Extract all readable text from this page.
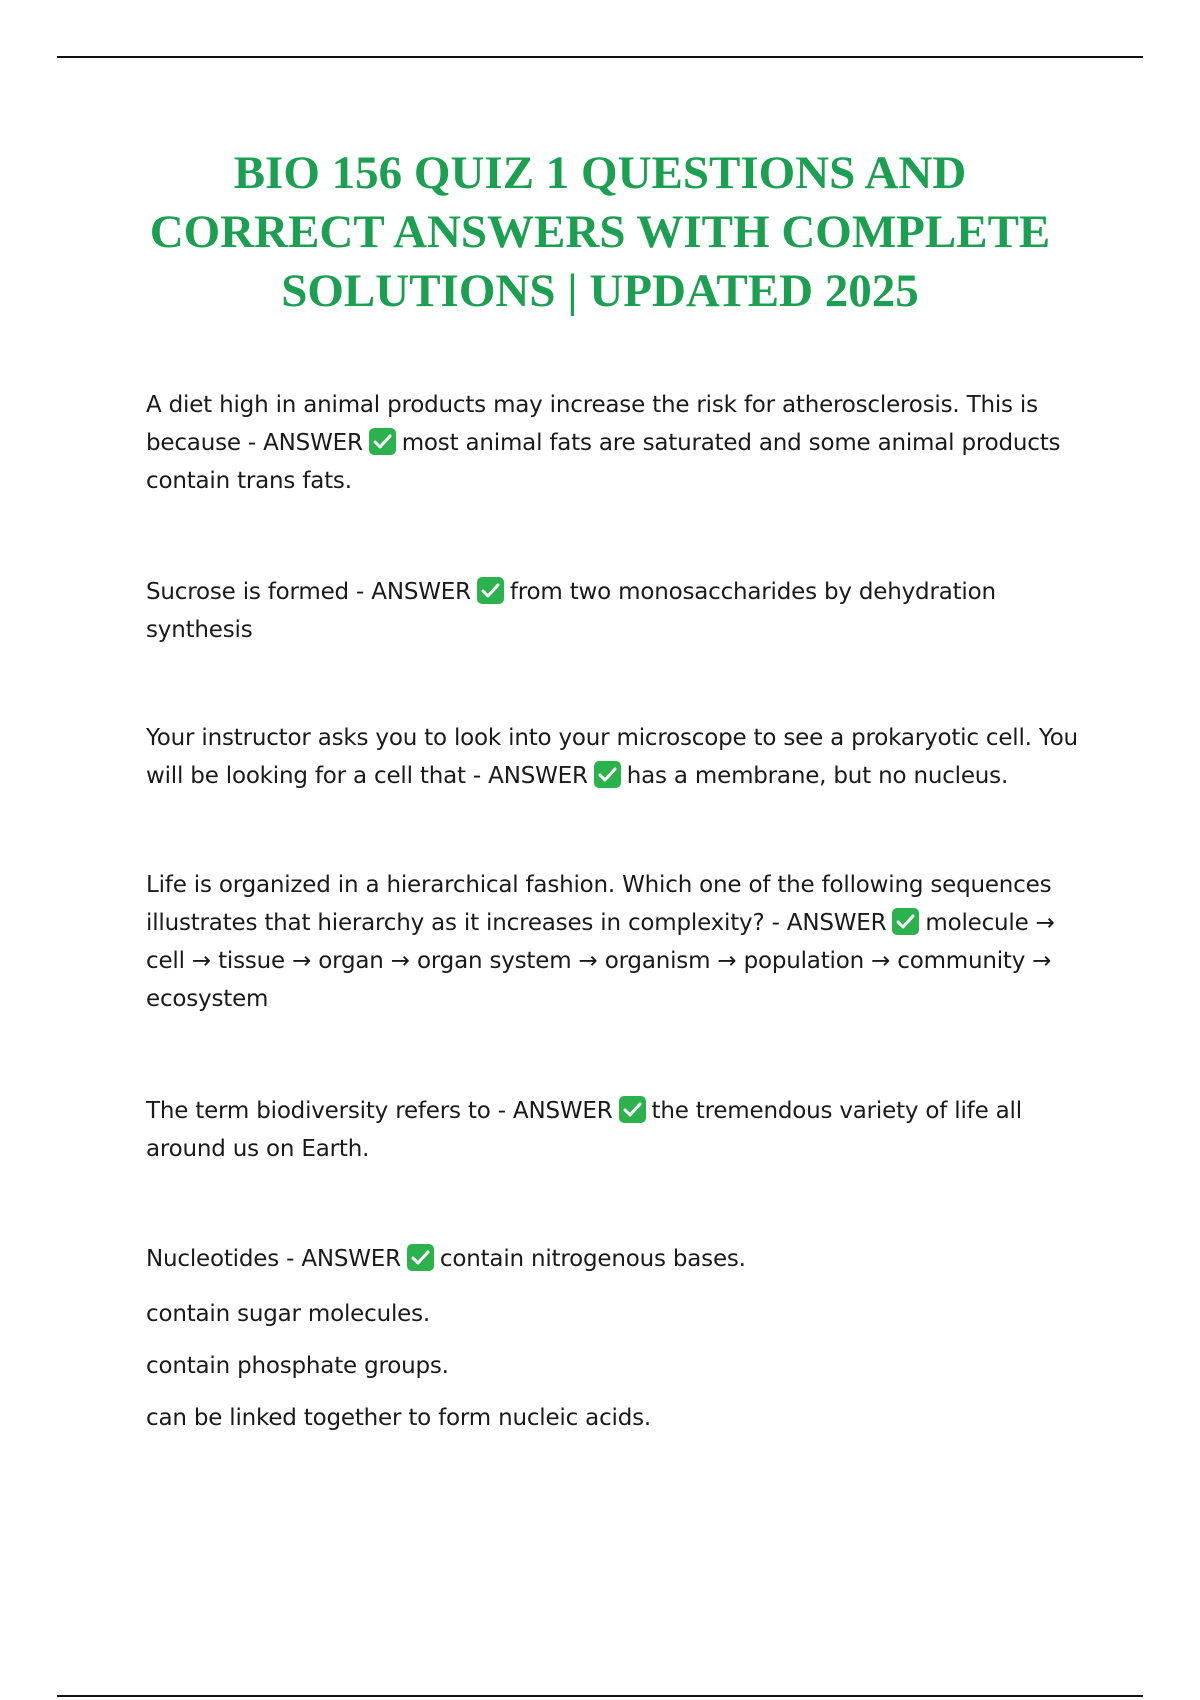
BIO 156 QUIZ 1 QUESTIONS AND
CORRECT ANSWERS WITH COMPLETE
SOLUTIONS | UPDATED 2025

A diet high in animal products may increase the risk for atherosclerosis. This is because - ANSWER most animal fats are saturated and some animal products contain trans fats.

Sucrose is formed - ANSWER from two monosaccharides by dehydration synthesis

Your instructor asks you to look into your microscope to see a prokaryotic cell. You will be looking for a cell that - ANSWER has a membrane, but no nucleus.

Life is organized in a hierarchical fashion. Which one of the following sequences illustrates that hierarchy as it increases in complexity? - ANSWER molecule → cell → tissue → organ → organ system → organism → population → community → ecosystem

The term biodiversity refers to - ANSWER the tremendous variety of life all around us on Earth.

Nucleotides - ANSWER contain nitrogenous bases.

contain sugar molecules.

contain phosphate groups.

can be linked together to form nucleic acids.
